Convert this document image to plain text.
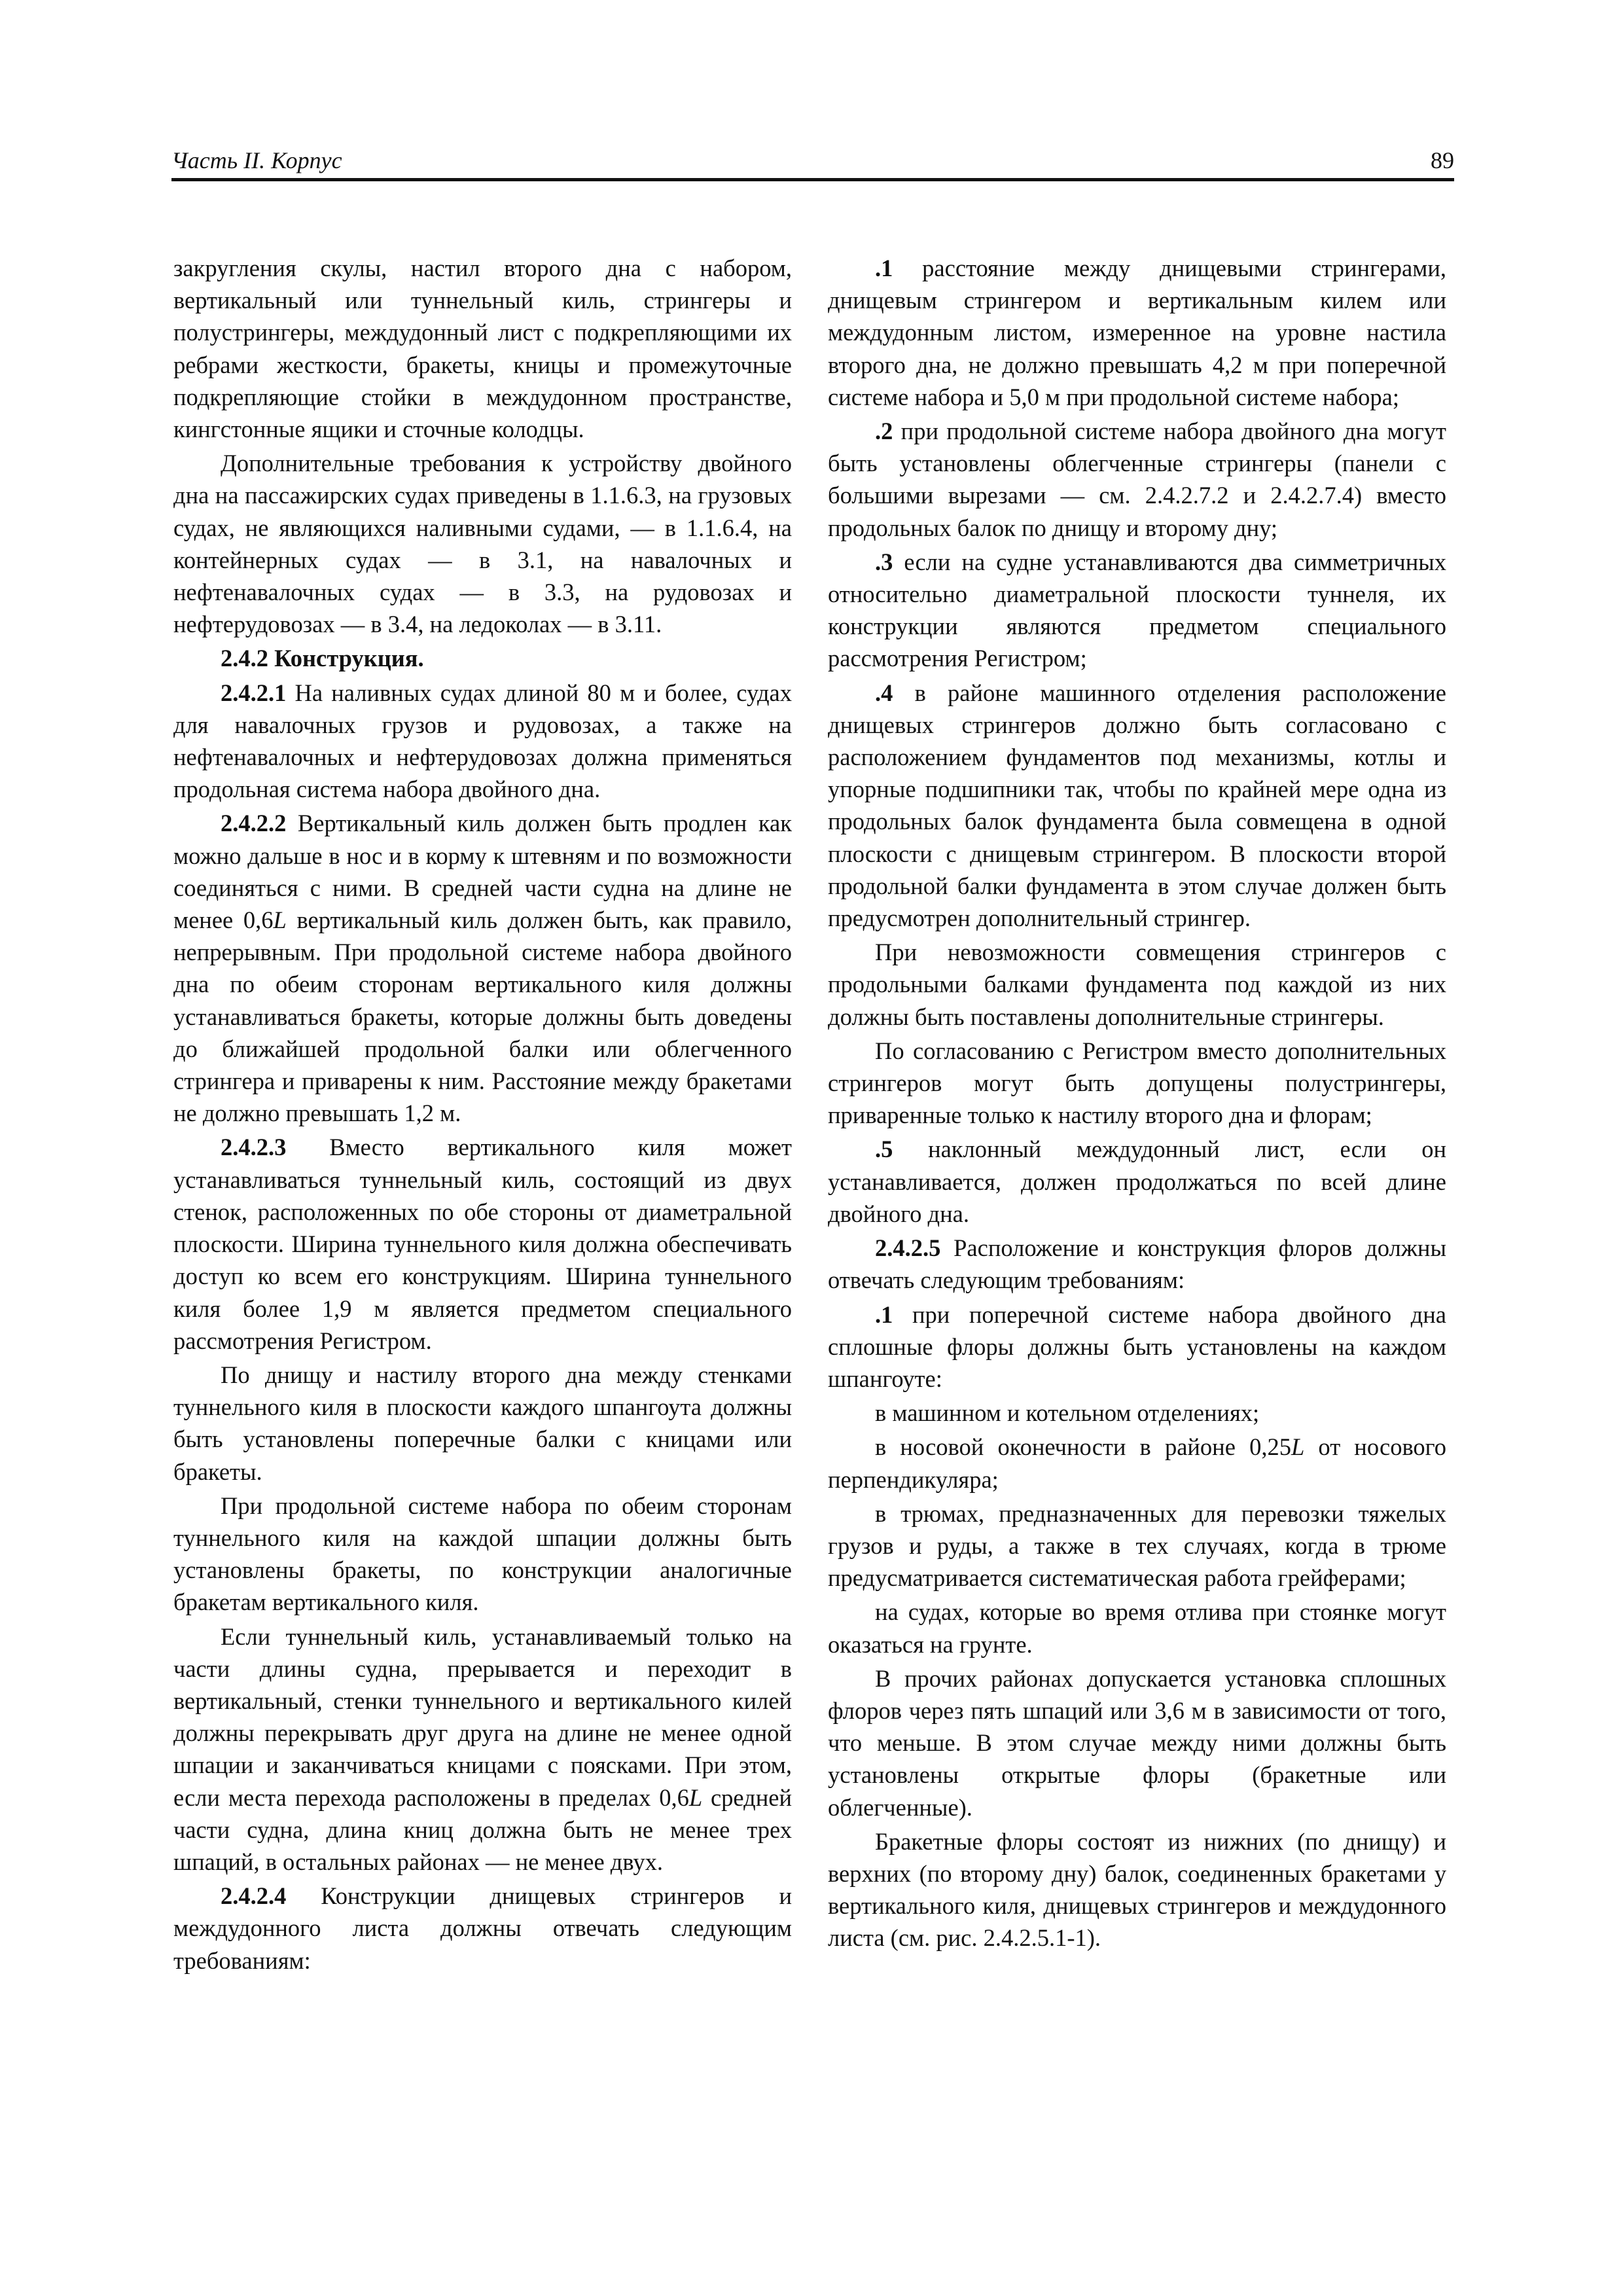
Часть II. Корпус	89

закругления скулы, настил второго дна с набором, вертикальный или туннельный киль, стрингеры и полустрингеры, междудонный лист с подкрепляющими их ребрами жесткости, бракеты, кницы и промежуточные подкрепляющие стойки в междудонном пространстве, кингстонные ящики и сточные колодцы.

Дополнительные требования к устройству двойного дна на пассажирских судах приведены в 1.1.6.3, на грузовых судах, не являющихся наливными судами, — в 1.1.6.4, на контейнерных судах — в 3.1, на навалочных и нефтенавалочных судах — в 3.3, на рудовозах и нефтерудовозах — в 3.4, на ледоколах — в 3.11.

2.4.2 Конструкция.

2.4.2.1 На наливных судах длиной 80 м и более, судах для навалочных грузов и рудовозах, а также на нефтенавалочных и нефтерудовозах должна применяться продольная система набора двойного дна.

2.4.2.2 Вертикальный киль должен быть продлен как можно дальше в нос и в корму к штевням и по возможности соединяться с ними. В средней части судна на длине не менее 0,6L вертикальный киль должен быть, как правило, непрерывным. При продольной системе набора двойного дна по обеим сторонам вертикального киля должны устанавливаться бракеты, которые должны быть доведены до ближайшей продольной балки или облегченного стрингера и приварены к ним. Расстояние между бракетами не должно превышать 1,2 м.

2.4.2.3 Вместо вертикального киля может устанавливаться туннельный киль, состоящий из двух стенок, расположенных по обе стороны от диаметральной плоскости. Ширина туннельного киля должна обеспечивать доступ ко всем его конструкциям. Ширина туннельного киля более 1,9 м является предметом специального рассмотрения Регистром.

По днищу и настилу второго дна между стенками туннельного киля в плоскости каждого шпангоута должны быть установлены поперечные балки с кницами или бракеты.

При продольной системе набора по обеим сторонам туннельного киля на каждой шпации должны быть установлены бракеты, по конструкции аналогичные бракетам вертикального киля.

Если туннельный киль, устанавливаемый только на части длины судна, прерывается и переходит в вертикальный, стенки туннельного и вертикального килей должны перекрывать друг друга на длине не менее одной шпации и заканчиваться кницами с поясками. При этом, если места перехода расположены в пределах 0,6L средней части судна, длина книц должна быть не менее трех шпаций, в остальных районах — не менее двух.

2.4.2.4 Конструкции днищевых стрингеров и междудонного листа должны отвечать следующим требованиям:

.1 расстояние между днищевыми стрингерами, днищевым стрингером и вертикальным килем или междудонным листом, измеренное на уровне настила второго дна, не должно превышать 4,2 м при поперечной системе набора и 5,0 м при продольной системе набора;

.2 при продольной системе набора двойного дна могут быть установлены облегченные стрингеры (панели с большими вырезами — см. 2.4.2.7.2 и 2.4.2.7.4) вместо продольных балок по днищу и второму дну;

.3 если на судне устанавливаются два симметричных относительно диаметральной плоскости туннеля, их конструкции являются предметом специального рассмотрения Регистром;

.4 в районе машинного отделения расположение днищевых стрингеров должно быть согласовано с расположением фундаментов под механизмы, котлы и упорные подшипники так, чтобы по крайней мере одна из продольных балок фундамента была совмещена в одной плоскости с днищевым стрингером. В плоскости второй продольной балки фундамента в этом случае должен быть предусмотрен дополнительный стрингер.

При невозможности совмещения стрингеров с продольными балками фундамента под каждой из них должны быть поставлены дополнительные стрингеры.

По согласованию с Регистром вместо дополнительных стрингеров могут быть допущены полустрингеры, приваренные только к настилу второго дна и флорам;

.5 наклонный междудонный лист, если он устанавливается, должен продолжаться по всей длине двойного дна.

2.4.2.5 Расположение и конструкция флоров должны отвечать следующим требованиям:

.1 при поперечной системе набора двойного дна сплошные флоры должны быть установлены на каждом шпангоуте:

в машинном и котельном отделениях;

в носовой оконечности в районе 0,25L от носового перпендикуляра;

в трюмах, предназначенных для перевозки тяжелых грузов и руды, а также в тех случаях, когда в трюме предусматривается систематическая работа грейферами;

на судах, которые во время отлива при стоянке могут оказаться на грунте.

В прочих районах допускается установка сплошных флоров через пять шпаций или 3,6 м в зависимости от того, что меньше. В этом случае между ними должны быть установлены открытые флоры (бракетные или облегченные).

Бракетные флоры состоят из нижних (по днищу) и верхних (по второму дну) балок, соединенных бракетами у вертикального киля, днищевых стрингеров и междудонного листа (см. рис. 2.4.2.5.1-1).
